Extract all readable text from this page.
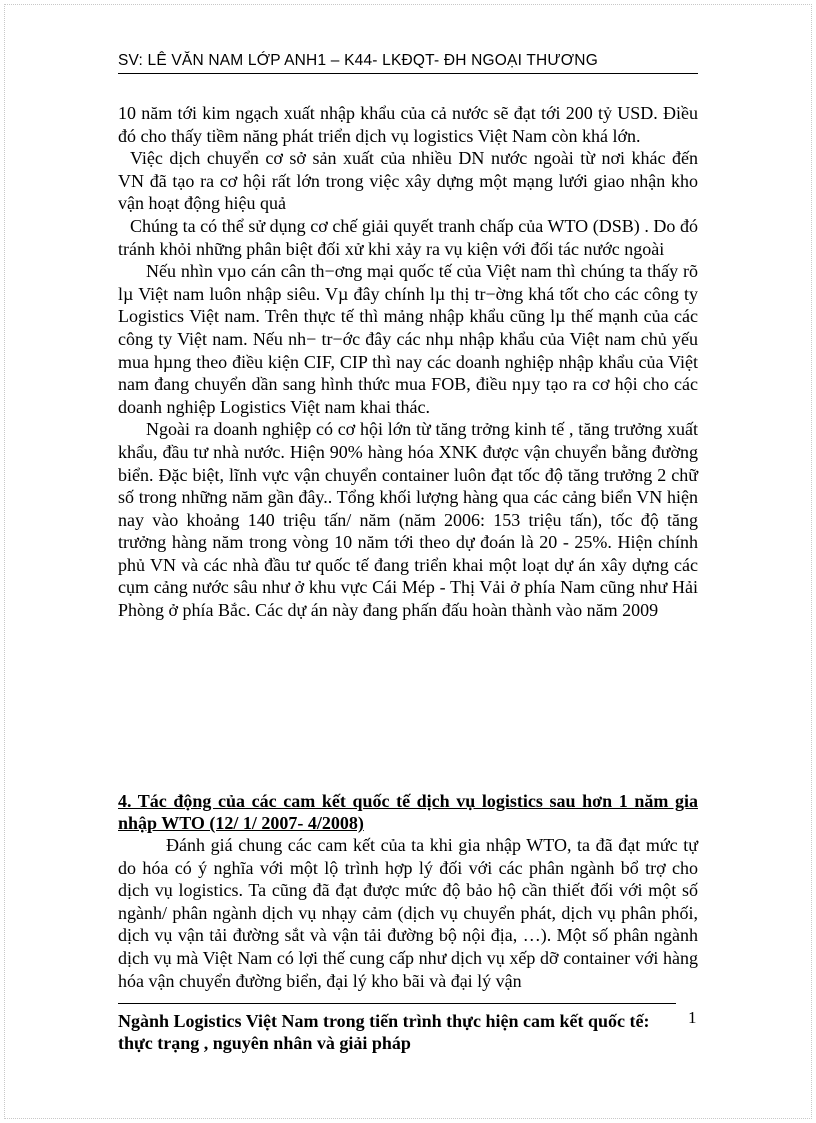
SV: LÊ VĂN NAM LỚP ANH1 – K44- LKĐQT- ĐH NGOẠI THƯƠNG

10 năm tới kim ngạch xuất nhập khẩu của cả nước sẽ đạt tới 200 tỷ USD. Điều đó cho thấy tiềm năng phát triển dịch vụ logistics Việt Nam còn khá lớn.

Việc dịch chuyển cơ sở sản xuất của nhiều DN nước ngoài từ nơi khác đến VN đã tạo ra cơ hội rất lớn trong việc xây dựng một mạng lưới giao nhận kho vận hoạt động hiệu quả

Chúng ta có thể sử dụng cơ chế giải quyết tranh chấp của WTO (DSB) . Do đó tránh khỏi những phân biệt đối xử khi xảy ra vụ kiện với đối tác nước ngoài

Nếu nhìn vµo cán cân th−ơng mại quốc tế của Việt nam thì chúng ta thấy rõ lµ Việt nam luôn nhập siêu. Vµ đây chính lµ thị tr−ờng khá tốt cho các công ty Logistics Việt nam. Trên thực tế thì mảng nhập khẩu cũng lµ thế mạnh của các công ty Việt nam. Nếu nh− tr−ớc đây các nhµ nhập khẩu của Việt nam chủ yếu mua hµng theo điều kiện CIF, CIP thì nay các doanh nghiệp nhập khẩu của Việt nam đang chuyển dần sang hình thức mua FOB, điều nµy tạo ra cơ hội cho các doanh nghiệp Logistics Việt nam khai thác.

Ngoài ra doanh nghiệp có cơ hội lớn từ tăng trởng kinh tế , tăng trưởng xuất khẩu, đầu tư nhà nước. Hiện 90% hàng hóa XNK được vận chuyển bằng đường biển. Đặc biệt, lĩnh vực vận chuyển container luôn đạt tốc độ tăng trưởng 2 chữ số trong những năm gần đây.. Tổng khối lượng hàng qua các cảng biển VN hiện nay vào khoảng 140 triệu tấn/ năm (năm 2006: 153 triệu tấn), tốc độ tăng trưởng hàng năm trong vòng 10 năm tới theo dự đoán là 20 - 25%. Hiện chính phủ VN và các nhà đầu tư quốc tế đang triển khai một loạt dự án xây dựng các cụm cảng nước sâu như ở khu vực Cái Mép - Thị Vải ở phía Nam cũng như Hải Phòng ở phía Bắc. Các dự án này đang phấn đấu hoàn thành vào năm 2009

4. Tác động của các cam kết quốc tế dịch vụ logistics sau hơn 1 năm gia nhập WTO (12/ 1/ 2007- 4/2008)

Đánh giá chung các cam kết của ta khi gia nhập WTO, ta đã đạt mức tự do hóa có ý nghĩa với một lộ trình hợp lý đối với các phân ngành bổ trợ cho dịch vụ logistics. Ta cũng đã đạt được mức độ bảo hộ cần thiết đối với một số ngành/ phân ngành dịch vụ nhạy cảm (dịch vụ chuyển phát, dịch vụ phân phối, dịch vụ vận tải đường sắt và vận tải đường bộ nội địa, …). Một số phân ngành dịch vụ mà Việt Nam có lợi thế cung cấp như dịch vụ xếp dỡ container với hàng hóa vận chuyển đường biển, đại lý kho bãi và đại lý vận

Ngành Logistics Việt Nam trong tiến trình thực hiện cam kết quốc tế: thực trạng , nguyên nhân và giải pháp
1
